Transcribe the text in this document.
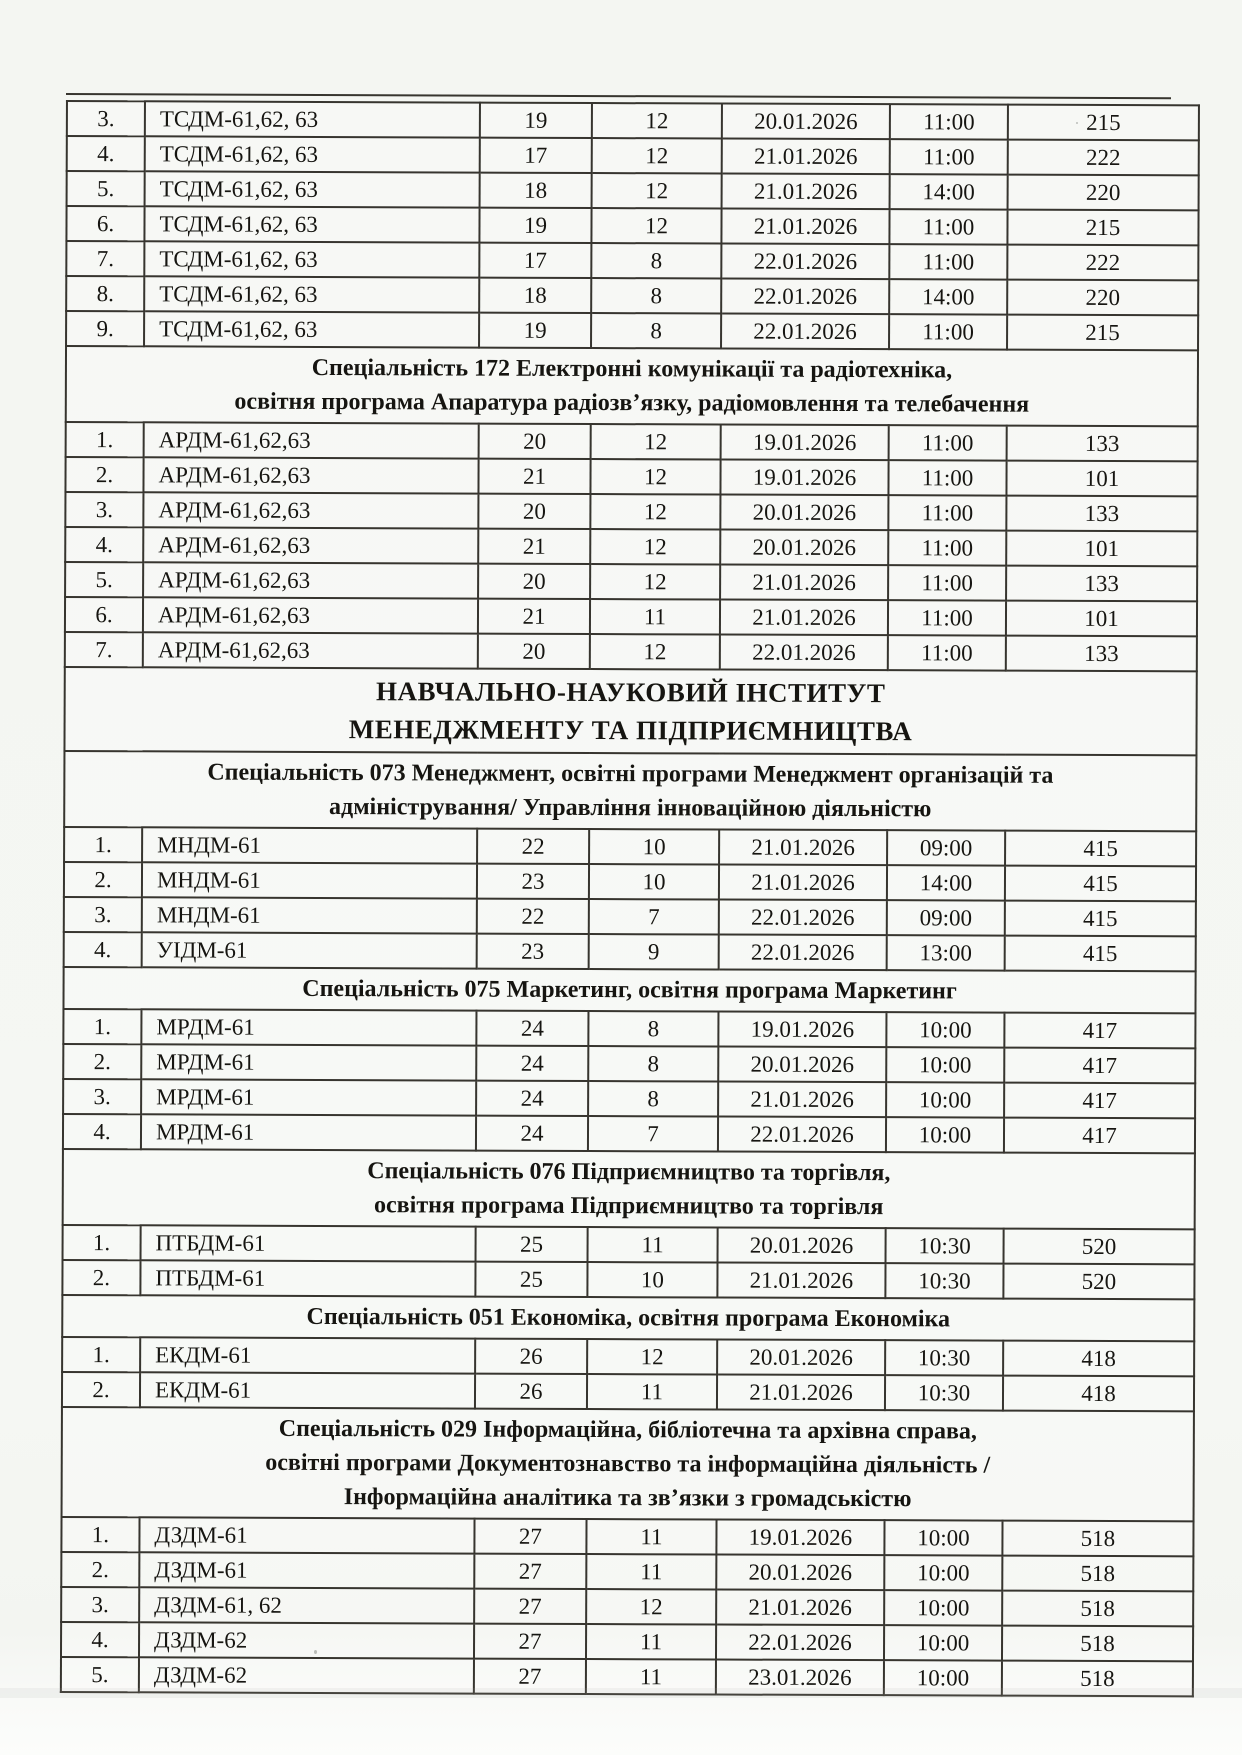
3.	ТСДМ-61,62, 63	19	12	20.01.2026	11:00	215
4.	ТСДМ-61,62, 63	17	12	21.01.2026	11:00	222
5.	ТСДМ-61,62, 63	18	12	21.01.2026	14:00	220
6.	ТСДМ-61,62, 63	19	12	21.01.2026	11:00	215
7.	ТСДМ-61,62, 63	17	8	22.01.2026	11:00	222
8.	ТСДМ-61,62, 63	18	8	22.01.2026	14:00	220
9.	ТСДМ-61,62, 63	19	8	22.01.2026	11:00	215

Спеціальність 172 Електронні комунікації та радіотехніка,
освітня програма Апаратура радіозв’язку, радіомовлення та телебачення						

1.	АРДМ-61,62,63	20	12	19.01.2026	11:00	133
2.	АРДМ-61,62,63	21	12	19.01.2026	11:00	101
3.	АРДМ-61,62,63	20	12	20.01.2026	11:00	133
4.	АРДМ-61,62,63	21	12	20.01.2026	11:00	101
5.	АРДМ-61,62,63	20	12	21.01.2026	11:00	133
6.	АРДМ-61,62,63	21	11	21.01.2026	11:00	101
7.	АРДМ-61,62,63	20	12	22.01.2026	11:00	133

НАВЧАЛЬНО-НАУКОВИЙ ІНСТИТУТ
МЕНЕДЖМЕНТУ ТА ПІДПРИЄМНИЦТВА						

Спеціальність 073 Менеджмент, освітні програми Менеджмент організацій та
адміністрування/ Управління інноваційною діяльністю						

1.	МНДМ-61	22	10	21.01.2026	09:00	415
2.	МНДМ-61	23	10	21.01.2026	14:00	415
3.	МНДМ-61	22	7	22.01.2026	09:00	415
4.	УІДМ-61	23	9	22.01.2026	13:00	415

Спеціальність 075 Маркетинг, освітня програма Маркетинг						

1.	МРДМ-61	24	8	19.01.2026	10:00	417
2.	МРДМ-61	24	8	20.01.2026	10:00	417
3.	МРДМ-61	24	8	21.01.2026	10:00	417
4.	МРДМ-61	24	7	22.01.2026	10:00	417

Спеціальність 076 Підприємництво та торгівля,
освітня програма Підприємництво та торгівля						

1.	ПТБДМ-61	25	11	20.01.2026	10:30	520
2.	ПТБДМ-61	25	10	21.01.2026	10:30	520

Спеціальність 051 Економіка, освітня програма Економіка						

1.	ЕКДМ-61	26	12	20.01.2026	10:30	418
2.	ЕКДМ-61	26	11	21.01.2026	10:30	418

Спеціальність 029 Інформаційна, бібліотечна та архівна справа,
освітні програми Документознавство та інформаційна діяльність /
Інформаційна аналітика та зв’язки з громадськістю						

1.	ДЗДМ-61	27	11	19.01.2026	10:00	518
2.	ДЗДМ-61	27	11	20.01.2026	10:00	518
3.	ДЗДМ-61, 62	27	12	21.01.2026	10:00	518
4.	ДЗДМ-62	27	11	22.01.2026	10:00	518
5.	ДЗДМ-62	27	11	23.01.2026	10:00	518
